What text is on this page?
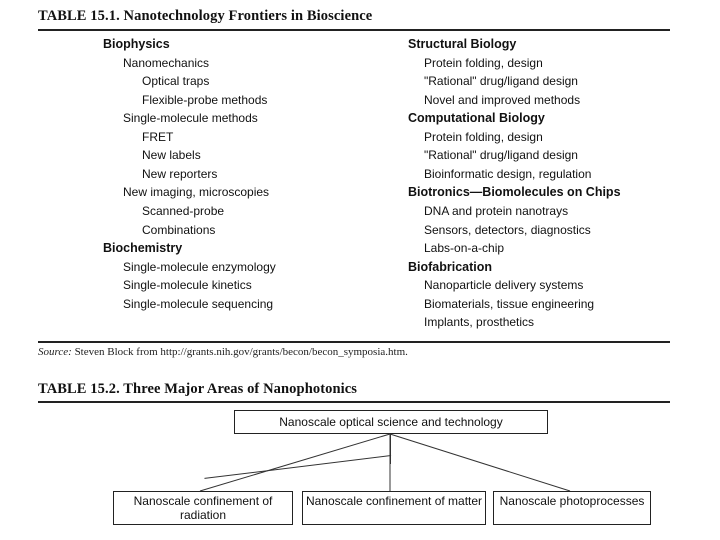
TABLE 15.1. Nanotechnology Frontiers in Bioscience
Biophysics
Nanomechanics
Optical traps
Flexible-probe methods
Single-molecule methods
FRET
New labels
New reporters
New imaging, microscopies
Scanned-probe
Combinations
Biochemistry
Single-molecule enzymology
Single-molecule kinetics
Single-molecule sequencing
Structural Biology
Protein folding, design
"Rational" drug/ligand design
Novel and improved methods
Computational Biology
Protein folding, design
"Rational" drug/ligand design
Bioinformatic design, regulation
Biotronics—Biomolecules on Chips
DNA and protein nanotrays
Sensors, detectors, diagnostics
Labs-on-a-chip
Biofabrication
Nanoparticle delivery systems
Biomaterials, tissue engineering
Implants, prosthetics
Source: Steven Block from http://grants.nih.gov/grants/becon/becon_symposia.htm.
TABLE 15.2. Three Major Areas of Nanophotonics
Nanoscale optical science and technology
Nanoscale confinement of radiation
Nanoscale confinement of matter	Nanoscale photoprocesses
